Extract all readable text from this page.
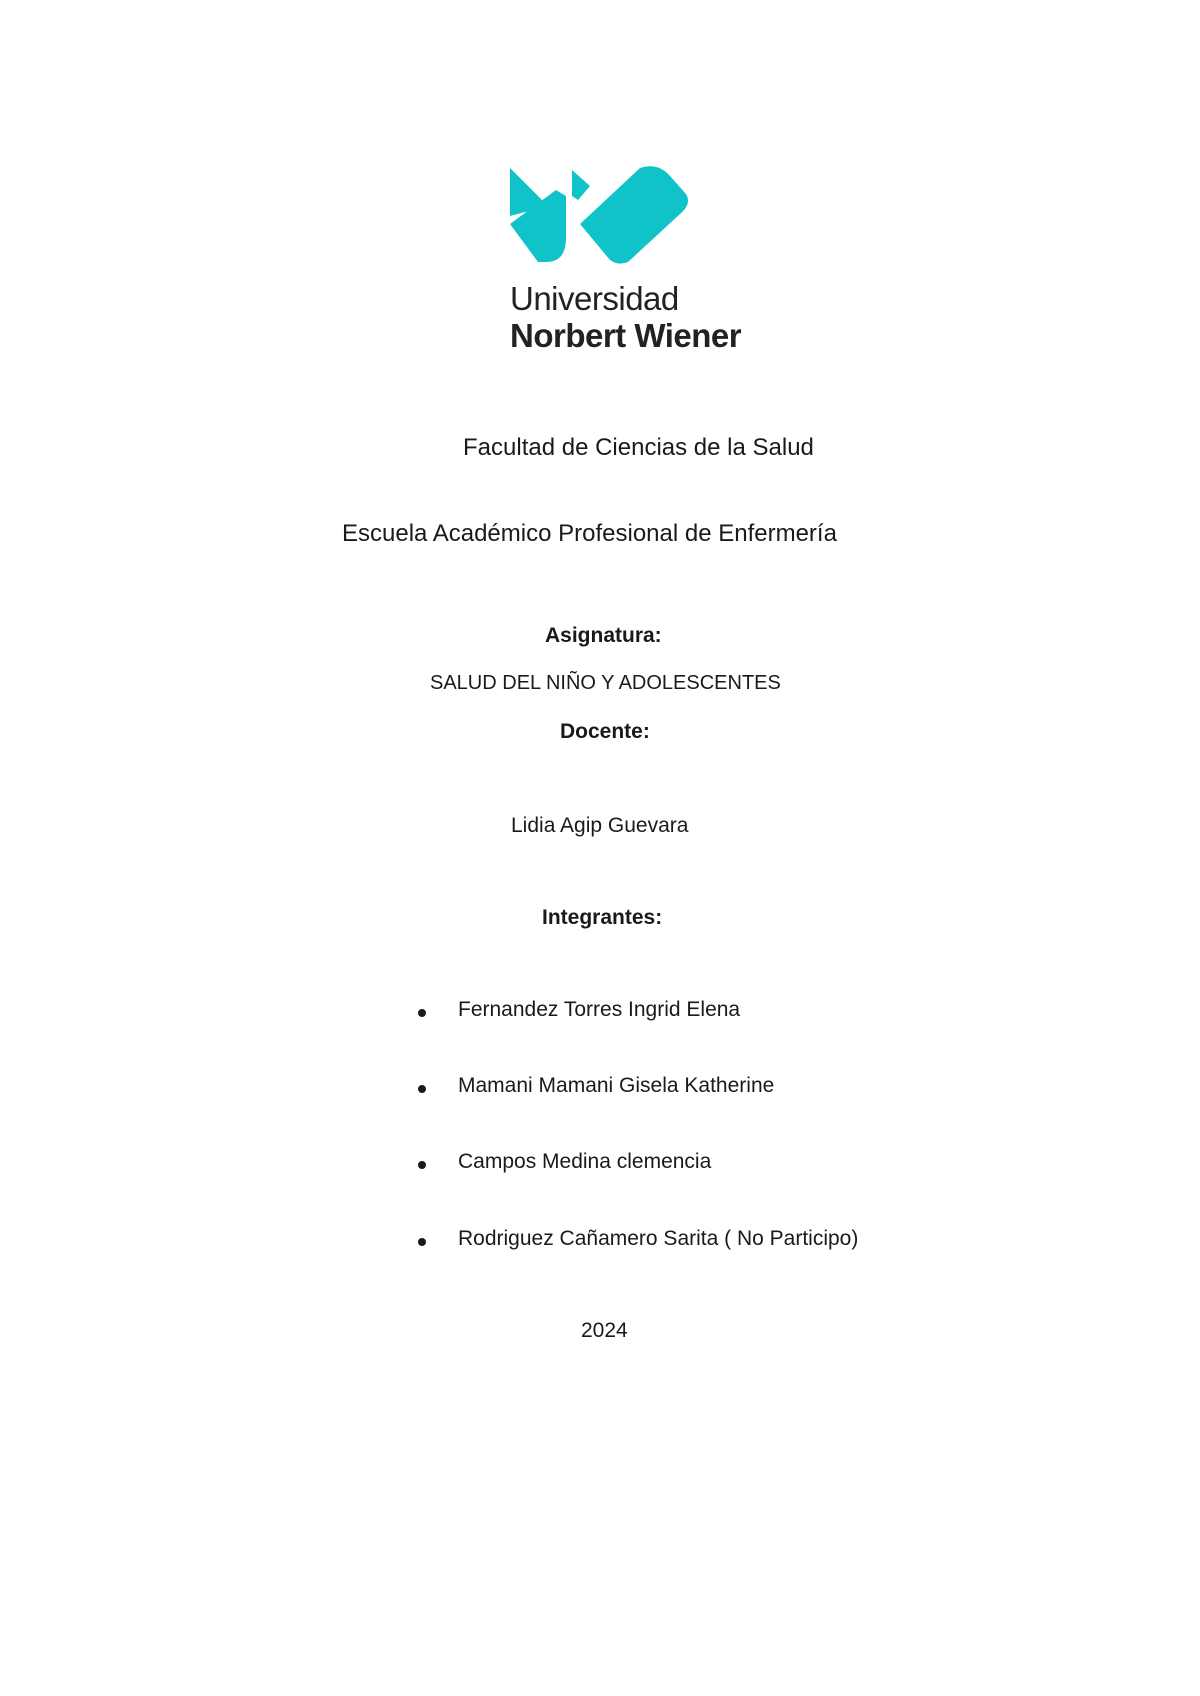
Universidad
Norbert Wiener
Facultad de Ciencias de la Salud
Escuela Académico Profesional de Enfermería
Asignatura:
SALUD DEL NIÑO Y ADOLESCENTES
Docente:
Lidia Agip Guevara
Integrantes:
Fernandez Torres Ingrid Elena
Mamani Mamani Gisela Katherine
Campos Medina clemencia
Rodriguez Cañamero Sarita ( No Participo)
2024
